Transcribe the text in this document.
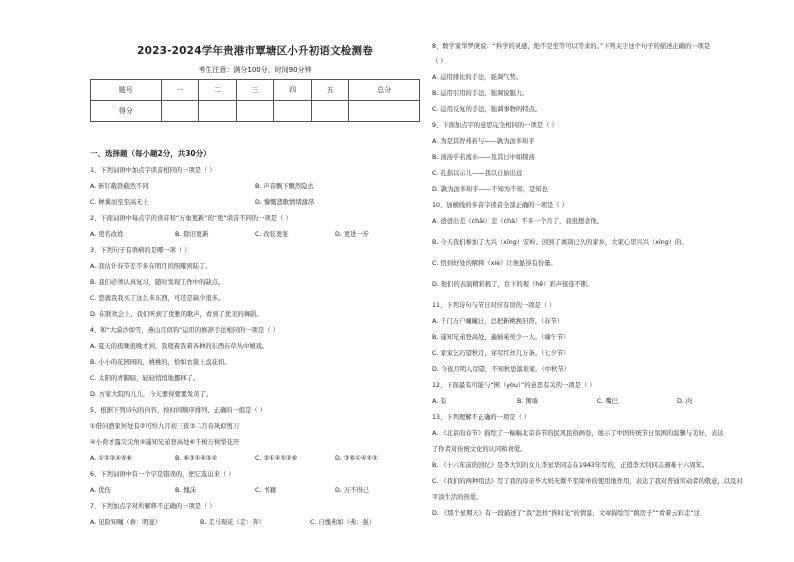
2023-2024学年贵港市覃塘区小升初语文检测卷
考生注意：满分100分，时间90分钟
题号	一	二	三	四	五	总分
得分						
一、选择题（每小题2分，共30分）
1、下列词语中加点字读音相同的一项是（ ）
A. 斩钉截铁截然不同	B. 声音飘下飘然隐去
C. 蝉翼而至至高无上	D. 慷慨悲歌情绪激昂
2、下面词语中每点字的读音和“万象更新”的“更”读音不同的一项是（ ）
A. 更名改姓	B. 除旧更新	C. 改弦更张	D. 更进一步
3、下列句子有语病的是哪一项（ ）
A. 我估计春节差不多在明月的照耀到陆了。
B. 我们必须认真复习，随时发现工作中的缺点。
C. 您就我我买了这么多东西，可还是缺少很多。
D. 在联欢会上，我们听到了优雅的歌声，看到了优美的舞蹈。
4、和“大漠沙如雪，燕山月似钩”运用的修辞手法相同的一项是（ ）
A. 夏天的夜晚很晚才到，我爬着我着各种的东西在草丛中嬉戏。
B. 小小的花园园的，桃桃的，恰如衣裳上盘花扣。
C. 太阳的青脚暗，轻轻悄悄地挪移了。
D. 方家大院的儿儿，今天要得要要发黄了。
5、根据下列诗句的内容，按时间顺序排列，正确的一组是（ ）
①借问酒家何处有②可怜九月初三夜③二月春风似剪刀
④小荷才露尖尖角⑤遥知兄弟登高处⑥千树万树梨花开
A. ①②③④⑤⑥	B. ⑥③①④⑤②	C. ③①④⑤②⑥	D. ③⑥①④②⑤
6、下列词语中有一个字是错误的，把它选出来（ ）
A. 优伤	B. 愧沫	C. 书籍	D. 万不得已
7、下列加点字对所解释不正确的一项是（ ）
A. 见险知嘱（眷：明显）	B. 走马观花（走：奔）	C. 自愧弗如（弗：强）
8、数学家华罗庚说：“科学的灵感，绝不是坐等可以等来的。”下列关于这个句子的描述正确的一项是
（ ）
A. 运用排比的手法，强调气势。
B. 运用引用的手法，强调说服力。
C. 运用反复的手法，强调事物的特点。
9、下面加点字的意思完全相同的一项是（ ）
A. 为是其智弗若与——孰为汝多知乎
B. 汤汤乎若流水——及其日中如探汤
C. 孔指以示儿——我以日始出远
D. 孰为汝多知乎——不知为不知，是知也
10、加横线的多音字读音全部正确的一项是（ ）
A. 爸爸出差（chāi）差（chà）不多一个月了，我很想念他。
B. 今天我们参加了大兴（xīng）安岭。回到了离别已久的家乡，大家心里兴兴（xìng）的。
C. 恰到好处的解释（xiè）让他显得有份量。
D. 他们的表演精彩极了，台下的观（hē）彩声接连不断。
11、下列诗句与节日对应有误的一项是（ ）
A. 千门万户曈曈日，总把新桃换旧符。（春节）
B. 遥知兄弟登高处，遍插茱萸少一人。（端午节）
C. 家家乞巧望秋月，穿尽红丝几万条。（七夕节）
D. 今夜月明人尽望，不知秋思落谁家。（中秋节）
12、下面最有可能与“囿（yòu）”的意思有关的一项是（ ）
A. 有	B. 围墙	C. 嘴巴	D. 肉
13、下列理解不正确的一项是（ ）
A. 《北京的春节》描绘了一幅幅北京春节的民风民俗画卷，展示了中国传统节日氛围的温馨与美好，表达
了作者对传统文化的认同和喜爱。
B. 《十六年前的回忆》是李大钊的女儿李星华同志在1943年写的，正值李大钊同志遇难十六周年。
C. 《我们的两种用法》写了我的母亲毕大妈无微不至简单的使用地作用，表达了我对普通劳动者的敬意，以及对
平淡生活的热爱。
D. 《那个星期天》有一段描述了“我”怎样“挨时光”的情景，文章描绘写“跳房子”“看着云彩走”这
